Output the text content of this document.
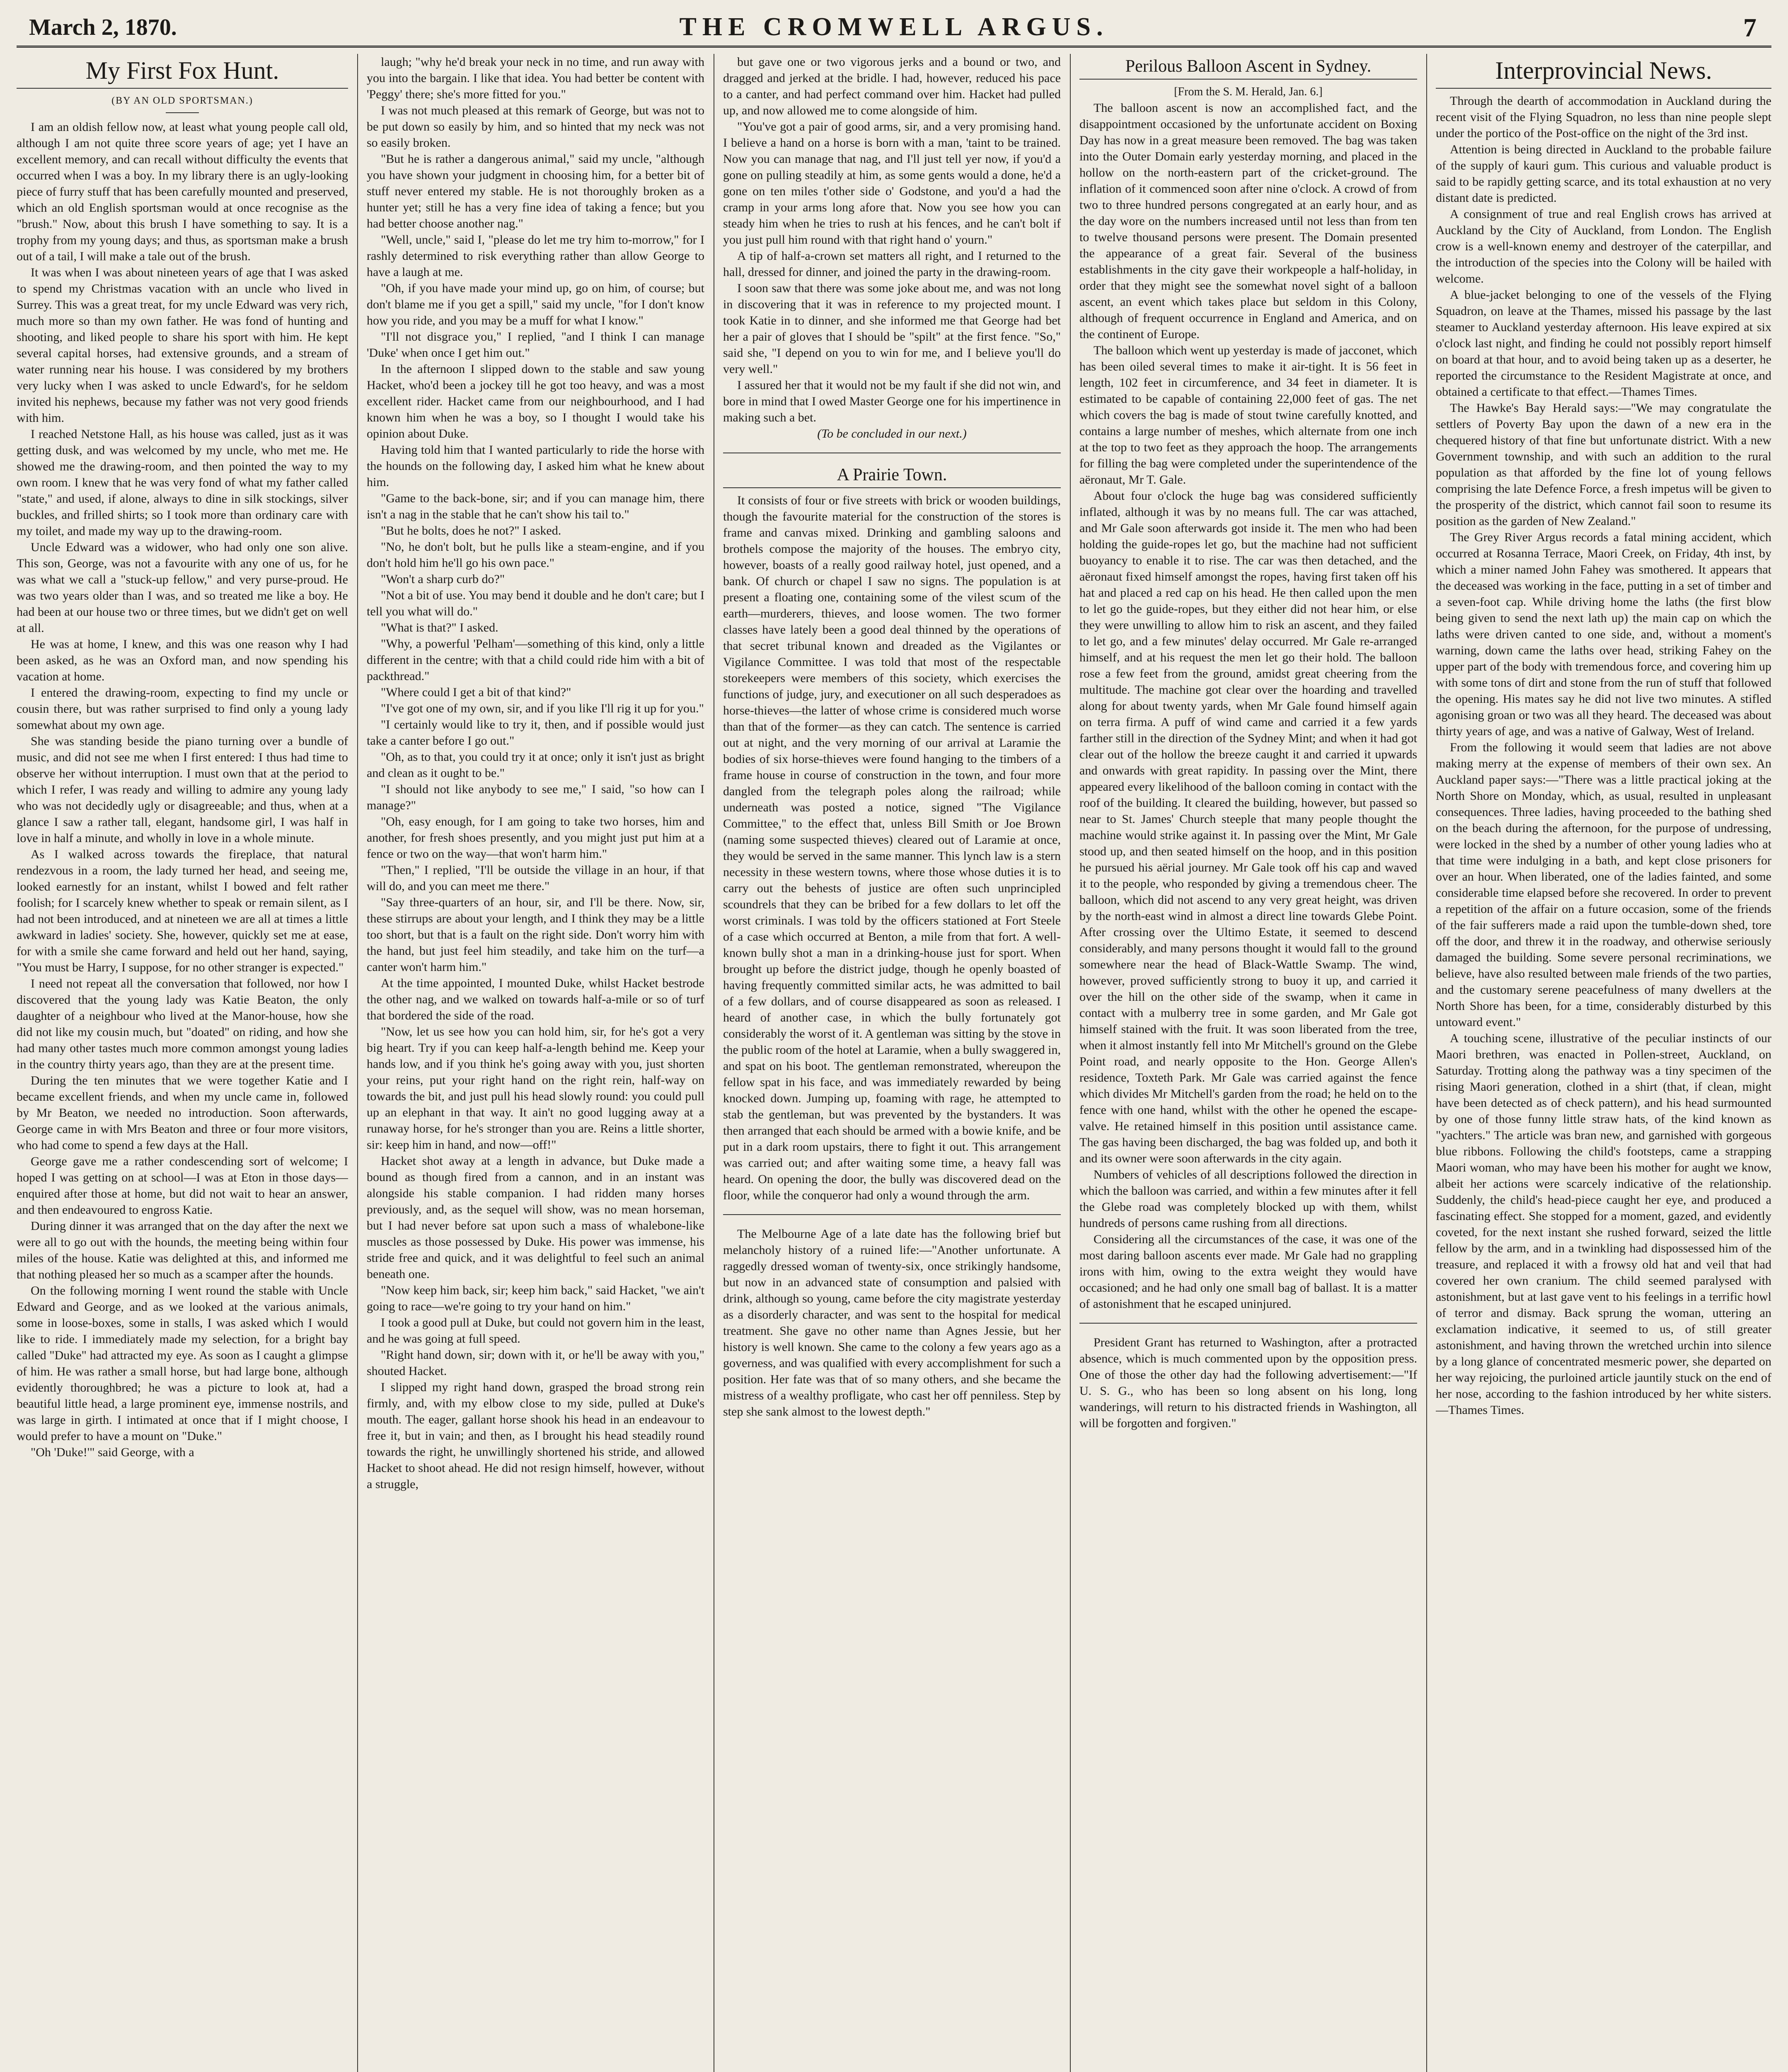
March 2, 1870.	THE CROMWELL ARGUS.	7
My First Fox Hunt.
(BY AN OLD SPORTSMAN.)

I am an oldish fellow now, at least what young people call old, although I am not quite three score years of age; yet I have an excellent memory, and can recall without difficulty the events that occurred when I was a boy. In my library there is an ugly-looking piece of furry stuff that has been carefully mounted and preserved, which an old English sportsman would at once recognise as the "brush." Now, about this brush I have something to say. It is a trophy from my young days; and thus, as sportsman make a brush out of a tail, I will make a tale out of the brush.

It was when I was about nineteen years of age that I was asked to spend my Christmas vacation with an uncle who lived in Surrey. This was a great treat, for my uncle Edward was very rich, much more so than my own father. He was fond of hunting and shooting, and liked people to share his sport with him. He kept several capital horses, had extensive grounds, and a stream of water running near his house. I was considered by my brothers very lucky when I was asked to uncle Edward's, for he seldom invited his nephews, because my father was not very good friends with him.

I reached Netstone Hall, as his house was called, just as it was getting dusk, and was welcomed by my uncle, who met me. He showed me the drawing-room, and then pointed the way to my own room. I knew that he was very fond of what my father called "state," and used, if alone, always to dine in silk stockings, silver buckles, and frilled shirts; so I took more than ordinary care with my toilet, and made my way up to the drawing-room.

Uncle Edward was a widower, who had only one son alive. This son, George, was not a favourite with any one of us, for he was what we call a "stuck-up fellow," and very purse-proud. He was two years older than I was, and so treated me like a boy. He had been at our house two or three times, but we didn't get on well at all.

He was at home, I knew, and this was one reason why I had been asked, as he was an Oxford man, and now spending his vacation at home.

I entered the drawing-room, expecting to find my uncle or cousin there, but was rather surprised to find only a young lady somewhat about my own age.

She was standing beside the piano turning over a bundle of music, and did not see me when I first entered: I thus had time to observe her without interruption. I must own that at the period to which I refer, I was ready and willing to admire any young lady who was not decidedly ugly or disagreeable; and thus, when at a glance I saw a rather tall, elegant, handsome girl, I was half in love in half a minute, and wholly in love in a whole minute.

As I walked across towards the fireplace, that natural rendezvous in a room, the lady turned her head, and seeing me, looked earnestly for an instant, whilst I bowed and felt rather foolish; for I scarcely knew whether to speak or remain silent, as I had not been introduced, and at nineteen we are all at times a little awkward in ladies' society. She, however, quickly set me at ease, for with a smile she came forward and held out her hand, saying, "You must be Harry, I suppose, for no other stranger is expected."

I need not repeat all the conversation that followed, nor how I discovered that the young lady was Katie Beaton, the only daughter of a neighbour who lived at the Manor-house, how she did not like my cousin much, but "doated" on riding, and how she had many other tastes much more common amongst young ladies in the country thirty years ago, than they are at the present time.

During the ten minutes that we were together Katie and I became excellent friends, and when my uncle came in, followed by Mr Beaton, we needed no introduction. Soon afterwards, George came in with Mrs Beaton and three or four more visitors, who had come to spend a few days at the Hall.

George gave me a rather condescending sort of welcome; I hoped I was getting on at school—I was at Eton in those days—enquired after those at home, but did not wait to hear an answer, and then endeavoured to engross Katie.

During dinner it was arranged that on the day after the next we were all to go out with the hounds, the meeting being within four miles of the house. Katie was delighted at this, and informed me that nothing pleased her so much as a scamper after the hounds.

On the following morning I went round the stable with Uncle Edward and George, and as we looked at the various animals, some in loose-boxes, some in stalls, I was asked which I would like to ride. I immediately made my selection, for a bright bay called "Duke" had attracted my eye. As soon as I caught a glimpse of him. He was rather a small horse, but had large bone, although evidently thoroughbred; he was a picture to look at, had a beautiful little head, a large prominent eye, immense nostrils, and was large in girth. I intimated at once that if I might choose, I would prefer to have a mount on "Duke."

"Oh 'Duke!'" said George, with a

laugh; "why he'd break your neck in no time, and run away with you into the bargain. I like that idea. You had better be content with 'Peggy' there; she's more fitted for you."

I was not much pleased at this remark of George, but was not to be put down so easily by him, and so hinted that my neck was not so easily broken.

"But he is rather a dangerous animal," said my uncle, "although you have shown your judgment in choosing him, for a better bit of stuff never entered my stable. He is not thoroughly broken as a hunter yet; still he has a very fine idea of taking a fence; but you had better choose another nag."

"Well, uncle," said I, "please do let me try him to-morrow," for I rashly determined to risk everything rather than allow George to have a laugh at me.

"Oh, if you have made your mind up, go on him, of course; but don't blame me if you get a spill," said my uncle, "for I don't know how you ride, and you may be a muff for what I know."

"I'll not disgrace you," I replied, "and I think I can manage 'Duke' when once I get him out."

In the afternoon I slipped down to the stable and saw young Hacket, who'd been a jockey till he got too heavy, and was a most excellent rider. Hacket came from our neighbourhood, and I had known him when he was a boy, so I thought I would take his opinion about Duke.

Having told him that I wanted particularly to ride the horse with the hounds on the following day, I asked him what he knew about him.

"Game to the back-bone, sir; and if you can manage him, there isn't a nag in the stable that he can't show his tail to."

"But he bolts, does he not?" I asked.

"No, he don't bolt, but he pulls like a steam-engine, and if you don't hold him he'll go his own pace."

"Won't a sharp curb do?"

"Not a bit of use. You may bend it double and he don't care; but I tell you what will do."

"What is that?" I asked.

"Why, a powerful 'Pelham'—something of this kind, only a little different in the centre; with that a child could ride him with a bit of packthread."

"Where could I get a bit of that kind?"

"I've got one of my own, sir, and if you like I'll rig it up for you."

"I certainly would like to try it, then, and if possible would just take a canter before I go out."

"Oh, as to that, you could try it at once; only it isn't just as bright and clean as it ought to be."

"I should not like anybody to see me," I said, "so how can I manage?"

"Oh, easy enough, for I am going to take two horses, him and another, for fresh shoes presently, and you might just put him at a fence or two on the way—that won't harm him."

"Then," I replied, "I'll be outside the village in an hour, if that will do, and you can meet me there."

"Say three-quarters of an hour, sir, and I'll be there. Now, sir, these stirrups are about your length, and I think they may be a little too short, but that is a fault on the right side. Don't worry him with the hand, but just feel him steadily, and take him on the turf—a canter won't harm him."

At the time appointed, I mounted Duke, whilst Hacket bestrode the other nag, and we walked on towards half-a-mile or so of turf that bordered the side of the road.

"Now, let us see how you can hold him, sir, for he's got a very big heart. Try if you can keep half-a-length behind me. Keep your hands low, and if you think he's going away with you, just shorten your reins, put your right hand on the right rein, half-way on towards the bit, and just pull his head slowly round: you could pull up an elephant in that way. It ain't no good lugging away at a runaway horse, for he's stronger than you are. Reins a little shorter, sir: keep him in hand, and now—off!"

Hacket shot away at a length in advance, but Duke made a bound as though fired from a cannon, and in an instant was alongside his stable companion. I had ridden many horses previously, and, as the sequel will show, was no mean horseman, but I had never before sat upon such a mass of whalebone-like muscles as those possessed by Duke. His power was immense, his stride free and quick, and it was delightful to feel such an animal beneath one.

"Now keep him back, sir; keep him back," said Hacket, "we ain't going to race—we're going to try your hand on him."

I took a good pull at Duke, but could not govern him in the least, and he was going at full speed.

"Right hand down, sir; down with it, or he'll be away with you," shouted Hacket.

I slipped my right hand down, grasped the broad strong rein firmly, and, with my elbow close to my side, pulled at Duke's mouth. The eager, gallant horse shook his head in an endeavour to free it, but in vain; and then, as I brought his head steadily round towards the right, he unwillingly shortened his stride, and allowed Hacket to shoot ahead. He did not resign himself, however, without a struggle,

but gave one or two vigorous jerks and a bound or two, and dragged and jerked at the bridle. I had, however, reduced his pace to a canter, and had perfect command over him. Hacket had pulled up, and now allowed me to come alongside of him.

"You've got a pair of good arms, sir, and a very promising hand. I believe a hand on a horse is born with a man, 'taint to be trained. Now you can manage that nag, and I'll just tell yer now, if you'd a gone on pulling steadily at him, as some gents would a done, he'd a gone on ten miles t'other side o' Godstone, and you'd a had the cramp in your arms long afore that. Now you see how you can steady him when he tries to rush at his fences, and he can't bolt if you just pull him round with that right hand o' yourn."

A tip of half-a-crown set matters all right, and I returned to the hall, dressed for dinner, and joined the party in the drawing-room.

I soon saw that there was some joke about me, and was not long in discovering that it was in reference to my projected mount. I took Katie in to dinner, and she informed me that George had bet her a pair of gloves that I should be "spilt" at the first fence. "So," said she, "I depend on you to win for me, and I believe you'll do very well."

I assured her that it would not be my fault if she did not win, and bore in mind that I owed Master George one for his impertinence in making such a bet.

(To be concluded in our next.)

A Prairie Town.

It consists of four or five streets with brick or wooden buildings, though the favourite material for the construction of the stores is frame and canvas mixed. Drinking and gambling saloons and brothels compose the majority of the houses. The embryo city, however, boasts of a really good railway hotel, just opened, and a bank. Of church or chapel I saw no signs. The population is at present a floating one, containing some of the vilest scum of the earth—murderers, thieves, and loose women. The two former classes have lately been a good deal thinned by the operations of that secret tribunal known and dreaded as the Vigilantes or Vigilance Committee. I was told that most of the respectable storekeepers were members of this society, which exercises the functions of judge, jury, and executioner on all such desperadoes as horse-thieves—the latter of whose crime is considered much worse than that of the former—as they can catch. The sentence is carried out at night, and the very morning of our arrival at Laramie the bodies of six horse-thieves were found hanging to the timbers of a frame house in course of construction in the town, and four more dangled from the telegraph poles along the railroad; while underneath was posted a notice, signed "The Vigilance Committee," to the effect that, unless Bill Smith or Joe Brown (naming some suspected thieves) cleared out of Laramie at once, they would be served in the same manner. This lynch law is a stern necessity in these western towns, where those whose duties it is to carry out the behests of justice are often such unprincipled scoundrels that they can be bribed for a few dollars to let off the worst criminals. I was told by the officers stationed at Fort Steele of a case which occurred at Benton, a mile from that fort. A well-known bully shot a man in a drinking-house just for sport. When brought up before the district judge, though he openly boasted of having frequently committed similar acts, he was admitted to bail of a few dollars, and of course disappeared as soon as released. I heard of another case, in which the bully fortunately got considerably the worst of it. A gentleman was sitting by the stove in the public room of the hotel at Laramie, when a bully swaggered in, and spat on his boot. The gentleman remonstrated, whereupon the fellow spat in his face, and was immediately rewarded by being knocked down. Jumping up, foaming with rage, he attempted to stab the gentleman, but was prevented by the bystanders. It was then arranged that each should be armed with a bowie knife, and be put in a dark room upstairs, there to fight it out. This arrangement was carried out; and after waiting some time, a heavy fall was heard. On opening the door, the bully was discovered dead on the floor, while the conqueror had only a wound through the arm.

The Melbourne Age of a late date has the following brief but melancholy history of a ruined life:—"Another unfortunate. A raggedly dressed woman of twenty-six, once strikingly handsome, but now in an advanced state of consumption and palsied with drink, although so young, came before the city magistrate yesterday as a disorderly character, and was sent to the hospital for medical treatment. She gave no other name than Agnes Jessie, but her history is well known. She came to the colony a few years ago as a governess, and was qualified with every accomplishment for such a position. Her fate was that of so many others, and she became the mistress of a wealthy profligate, who cast her off penniless. Step by step she sank almost to the lowest depth."

Perilous Balloon Ascent in Sydney.

[From the S. M. Herald, Jan. 6.]

The balloon ascent is now an accomplished fact, and the disappointment occasioned by the unfortunate accident on Boxing Day has now in a great measure been removed. The bag was taken into the Outer Domain early yesterday morning, and placed in the hollow on the north-eastern part of the cricket-ground. The inflation of it commenced soon after nine o'clock. A crowd of from two to three hundred persons congregated at an early hour, and as the day wore on the numbers increased until not less than from ten to twelve thousand persons were present. The Domain presented the appearance of a great fair. Several of the business establishments in the city gave their workpeople a half-holiday, in order that they might see the somewhat novel sight of a balloon ascent, an event which takes place but seldom in this Colony, although of frequent occurrence in England and America, and on the continent of Europe.

The balloon which went up yesterday is made of jacconet, which has been oiled several times to make it air-tight. It is 56 feet in length, 102 feet in circumference, and 34 feet in diameter. It is estimated to be capable of containing 22,000 feet of gas. The net which covers the bag is made of stout twine carefully knotted, and contains a large number of meshes, which alternate from one inch at the top to two feet as they approach the hoop. The arrangements for filling the bag were completed under the superintendence of the aëronaut, Mr T. Gale.

About four o'clock the huge bag was considered sufficiently inflated, although it was by no means full. The car was attached, and Mr Gale soon afterwards got inside it. The men who had been holding the guide-ropes let go, but the machine had not sufficient buoyancy to enable it to rise. The car was then detached, and the aëronaut fixed himself amongst the ropes, having first taken off his hat and placed a red cap on his head. He then called upon the men to let go the guide-ropes, but they either did not hear him, or else they were unwilling to allow him to risk an ascent, and they failed to let go, and a few minutes' delay occurred. Mr Gale re-arranged himself, and at his request the men let go their hold. The balloon rose a few feet from the ground, amidst great cheering from the multitude. The machine got clear over the hoarding and travelled along for about twenty yards, when Mr Gale found himself again on terra firma. A puff of wind came and carried it a few yards farther still in the direction of the Sydney Mint; and when it had got clear out of the hollow the breeze caught it and carried it upwards and onwards with great rapidity. In passing over the Mint, there appeared every likelihood of the balloon coming in contact with the roof of the building. It cleared the building, however, but passed so near to St. James' Church steeple that many people thought the machine would strike against it. In passing over the Mint, Mr Gale stood up, and then seated himself on the hoop, and in this position he pursued his aërial journey. Mr Gale took off his cap and waved it to the people, who responded by giving a tremendous cheer. The balloon, which did not ascend to any very great height, was driven by the north-east wind in almost a direct line towards Glebe Point. After crossing over the Ultimo Estate, it seemed to descend considerably, and many persons thought it would fall to the ground somewhere near the head of Black-Wattle Swamp. The wind, however, proved sufficiently strong to buoy it up, and carried it over the hill on the other side of the swamp, when it came in contact with a mulberry tree in some garden, and Mr Gale got himself stained with the fruit. It was soon liberated from the tree, when it almost instantly fell into Mr Mitchell's ground on the Glebe Point road, and nearly opposite to the Hon. George Allen's residence, Toxteth Park. Mr Gale was carried against the fence which divides Mr Mitchell's garden from the road; he held on to the fence with one hand, whilst with the other he opened the escape-valve. He retained himself in this position until assistance came. The gas having been discharged, the bag was folded up, and both it and its owner were soon afterwards in the city again.

Numbers of vehicles of all descriptions followed the direction in which the balloon was carried, and within a few minutes after it fell the Glebe road was completely blocked up with them, whilst hundreds of persons came rushing from all directions.

Considering all the circumstances of the case, it was one of the most daring balloon ascents ever made. Mr Gale had no grappling irons with him, owing to the extra weight they would have occasioned; and he had only one small bag of ballast. It is a matter of astonishment that he escaped uninjured.

President Grant has returned to Washington, after a protracted absence, which is much commented upon by the opposition press. One of those the other day had the following advertisement:—"If U. S. G., who has been so long absent on his long, long wanderings, will return to his distracted friends in Washington, all will be forgotten and forgiven."

Interprovincial News.

Through the dearth of accommodation in Auckland during the recent visit of the Flying Squadron, no less than nine people slept under the portico of the Post-office on the night of the 3rd inst.

Attention is being directed in Auckland to the probable failure of the supply of kauri gum. This curious and valuable product is said to be rapidly getting scarce, and its total exhaustion at no very distant date is predicted.

A consignment of true and real English crows has arrived at Auckland by the City of Auckland, from London. The English crow is a well-known enemy and destroyer of the caterpillar, and the introduction of the species into the Colony will be hailed with welcome.

A blue-jacket belonging to one of the vessels of the Flying Squadron, on leave at the Thames, missed his passage by the last steamer to Auckland yesterday afternoon. His leave expired at six o'clock last night, and finding he could not possibly report himself on board at that hour, and to avoid being taken up as a deserter, he reported the circumstance to the Resident Magistrate at once, and obtained a certificate to that effect.—Thames Times.

The Hawke's Bay Herald says:—"We may congratulate the settlers of Poverty Bay upon the dawn of a new era in the chequered history of that fine but unfortunate district. With a new Government township, and with such an addition to the rural population as that afforded by the fine lot of young fellows comprising the late Defence Force, a fresh impetus will be given to the prosperity of the district, which cannot fail soon to resume its position as the garden of New Zealand."

The Grey River Argus records a fatal mining accident, which occurred at Rosanna Terrace, Maori Creek, on Friday, 4th inst, by which a miner named John Fahey was smothered. It appears that the deceased was working in the face, putting in a set of timber and a seven-foot cap. While driving home the laths (the first blow being given to send the next lath up) the main cap on which the laths were driven canted to one side, and, without a moment's warning, down came the laths over head, striking Fahey on the upper part of the body with tremendous force, and covering him up with some tons of dirt and stone from the run of stuff that followed the opening. His mates say he did not live two minutes. A stifled agonising groan or two was all they heard. The deceased was about thirty years of age, and was a native of Galway, West of Ireland.

From the following it would seem that ladies are not above making merry at the expense of members of their own sex. An Auckland paper says:—"There was a little practical joking at the North Shore on Monday, which, as usual, resulted in unpleasant consequences. Three ladies, having proceeded to the bathing shed on the beach during the afternoon, for the purpose of undressing, were locked in the shed by a number of other young ladies who at that time were indulging in a bath, and kept close prisoners for over an hour. When liberated, one of the ladies fainted, and some considerable time elapsed before she recovered. In order to prevent a repetition of the affair on a future occasion, some of the friends of the fair sufferers made a raid upon the tumble-down shed, tore off the door, and threw it in the roadway, and otherwise seriously damaged the building. Some severe personal recriminations, we believe, have also resulted between male friends of the two parties, and the customary serene peacefulness of many dwellers at the North Shore has been, for a time, considerably disturbed by this untoward event."

A touching scene, illustrative of the peculiar instincts of our Maori brethren, was enacted in Pollen-street, Auckland, on Saturday. Trotting along the pathway was a tiny specimen of the rising Maori generation, clothed in a shirt (that, if clean, might have been detected as of check pattern), and his head surmounted by one of those funny little straw hats, of the kind known as "yachters." The article was bran new, and garnished with gorgeous blue ribbons. Following the child's footsteps, came a strapping Maori woman, who may have been his mother for aught we know, albeit her actions were scarcely indicative of the relationship. Suddenly, the child's head-piece caught her eye, and produced a fascinating effect. She stopped for a moment, gazed, and evidently coveted, for the next instant she rushed forward, seized the little fellow by the arm, and in a twinkling had dispossessed him of the treasure, and replaced it with a frowsy old hat and veil that had covered her own cranium. The child seemed paralysed with astonishment, but at last gave vent to his feelings in a terrific howl of terror and dismay. Back sprung the woman, uttering an exclamation indicative, it seemed to us, of still greater astonishment, and having thrown the wretched urchin into silence by a long glance of concentrated mesmeric power, she departed on her way rejoicing, the purloined article jauntily stuck on the end of her nose, according to the fashion introduced by her white sisters.—Thames Times.
